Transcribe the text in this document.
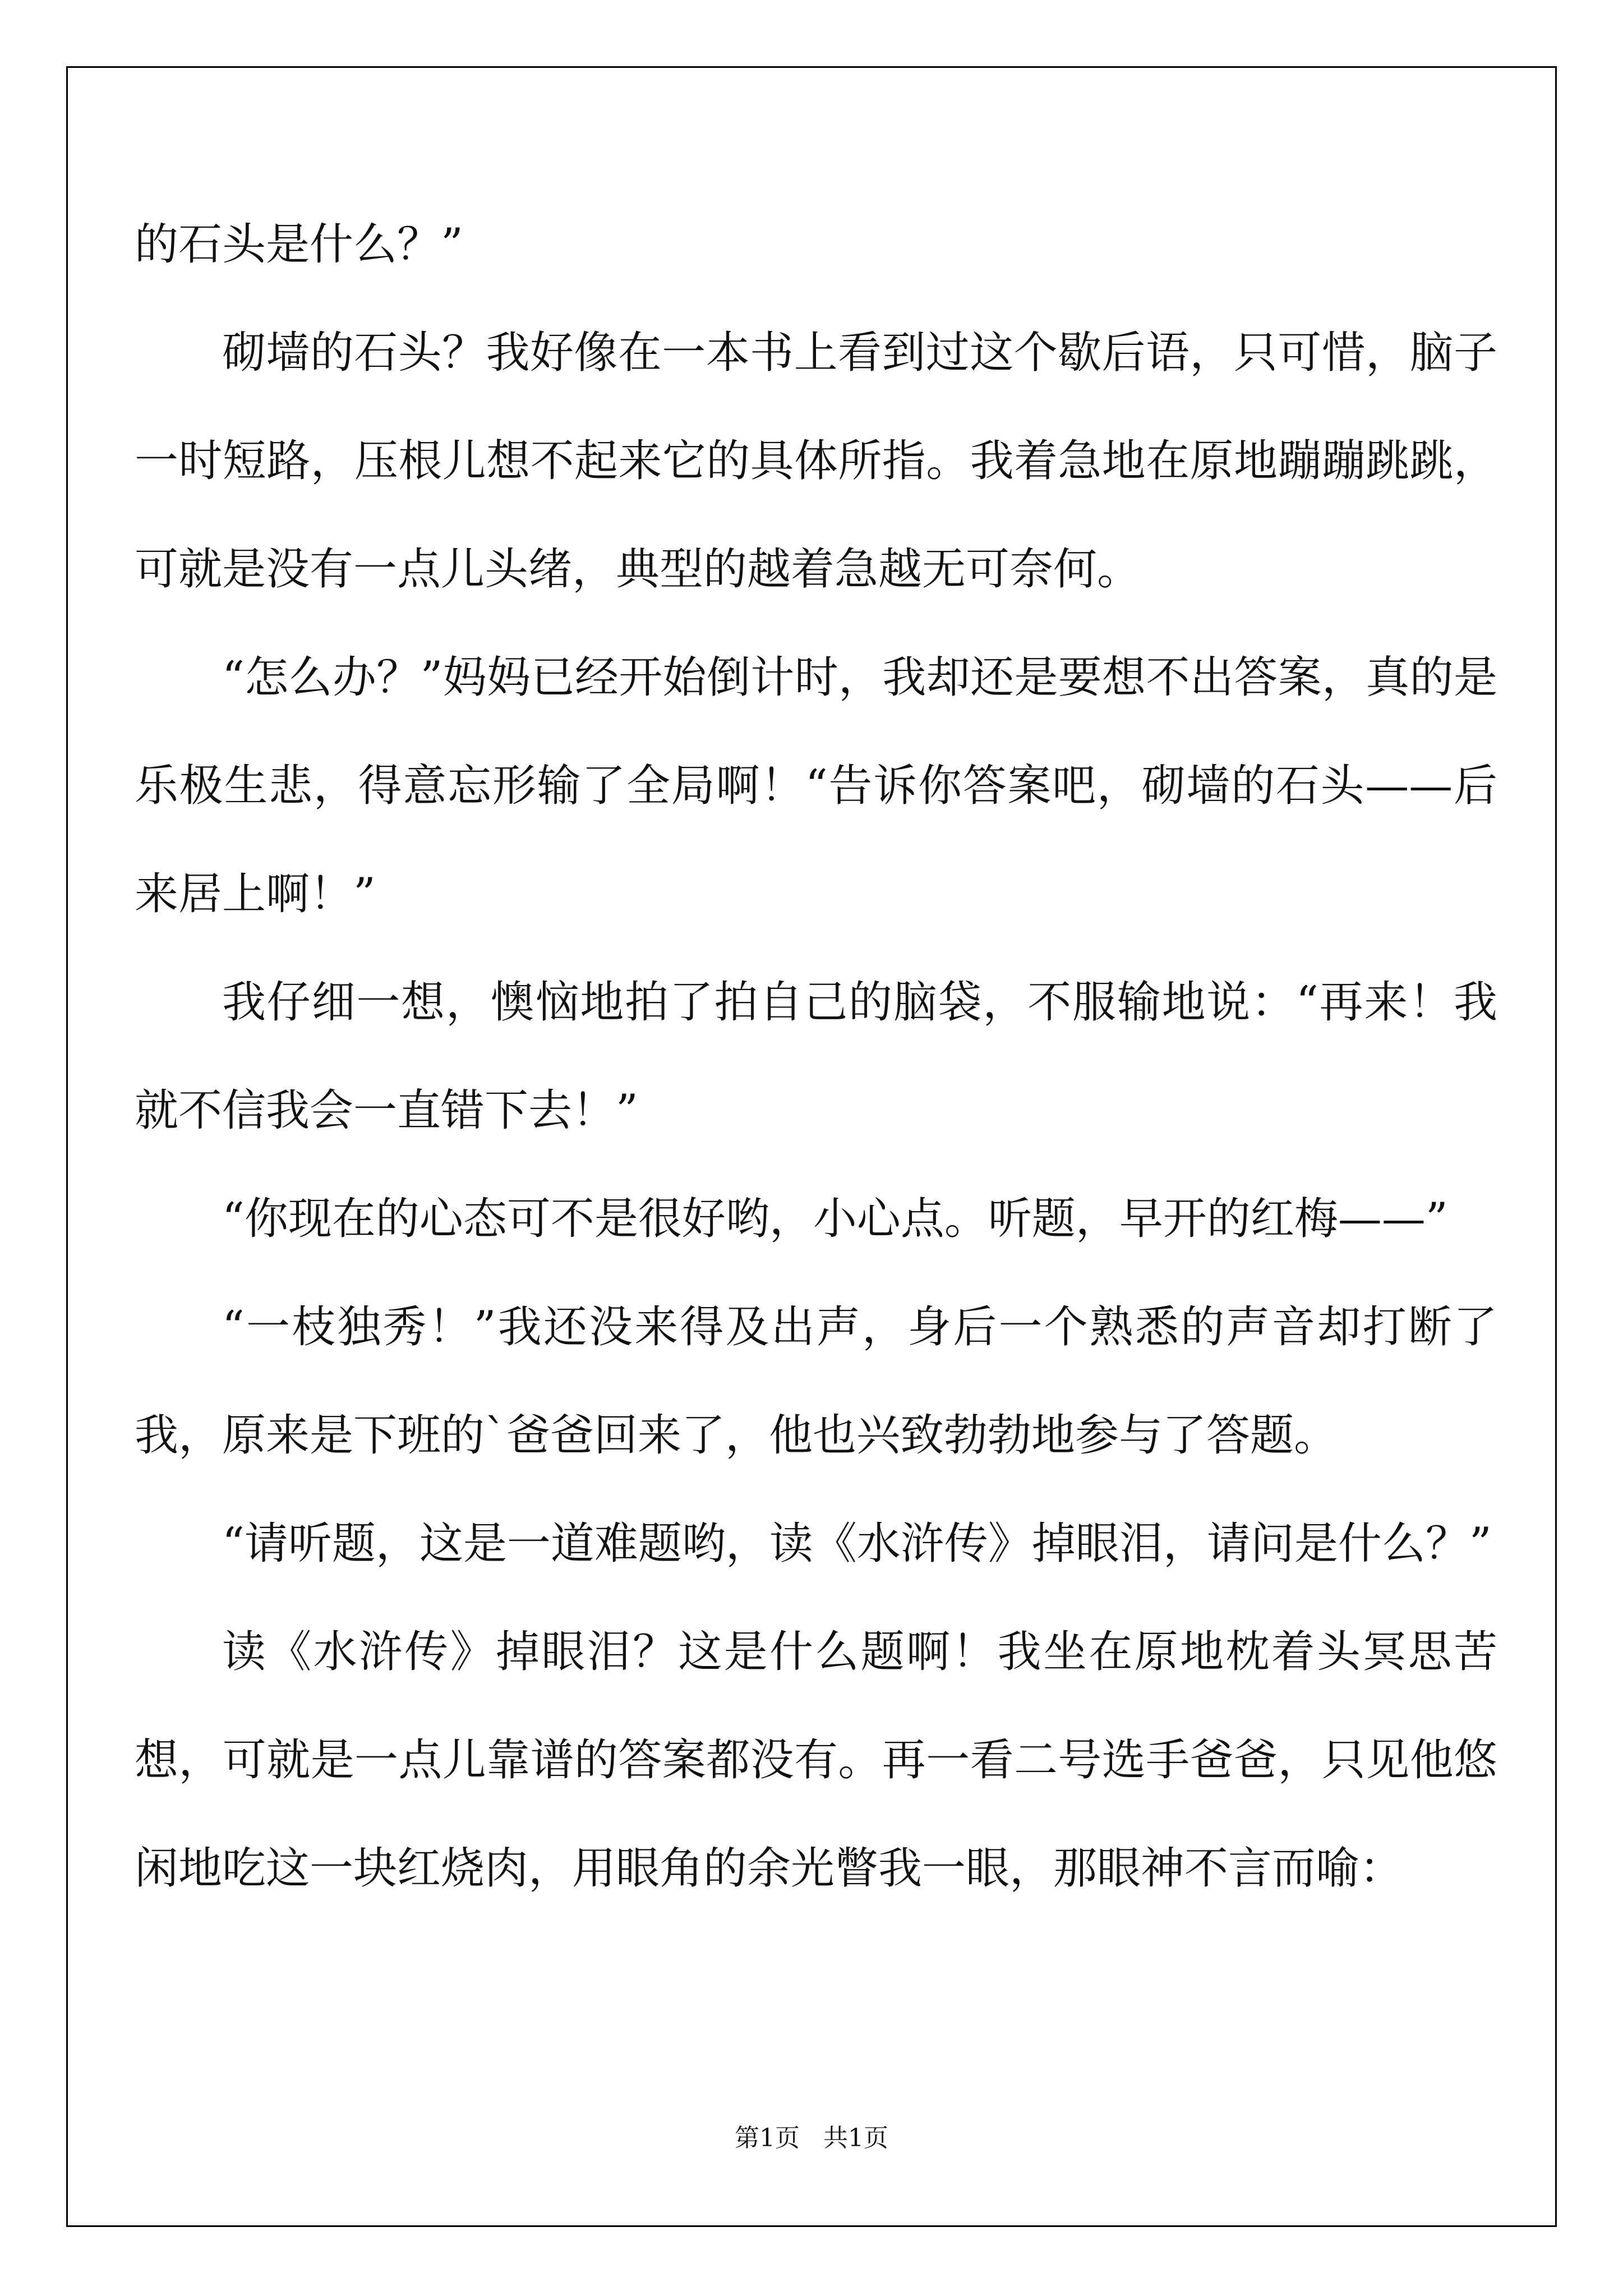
的石头是什么？”

砌墙的石头？我好像在一本书上看到过这个歇后语，只可惜，脑子一时短路，压根儿想不起来它的具体所指。我着急地在原地蹦蹦跳跳，可就是没有一点儿头绪，典型的越着急越无可奈何。

“怎么办？”妈妈已经开始倒计时，我却还是要想不出答案，真的是乐极生悲，得意忘形输了全局啊！“告诉你答案吧，砌墙的石头——后来居上啊！”

我仔细一想，懊恼地拍了拍自己的脑袋，不服输地说：“再来！我就不信我会一直错下去！”

“你现在的心态可不是很好哟，小心点。听题，早开的红梅——”

“一枝独秀！”我还没来得及出声，身后一个熟悉的声音却打断了我，原来是下班的`爸爸回来了，他也兴致勃勃地参与了答题。

“请听题，这是一道难题哟，读《水浒传》掉眼泪，请问是什么？”

读《水浒传》掉眼泪？这是什么题啊！我坐在原地枕着头冥思苦想，可就是一点儿靠谱的答案都没有。再一看二号选手爸爸，只见他悠闲地吃这一块红烧肉，用眼角的余光瞥我一眼，那眼神不言而喻：

第1页   共1页
